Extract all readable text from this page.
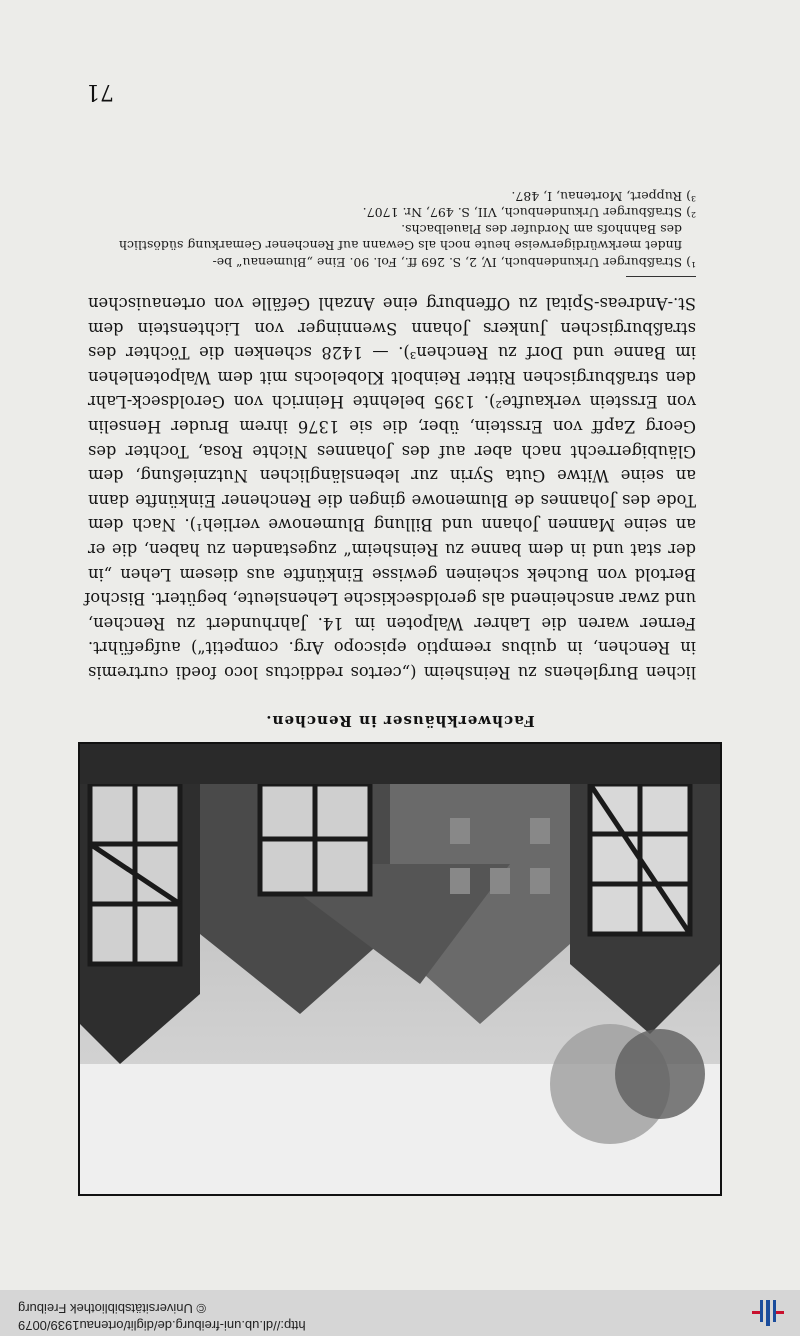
http://dl.ub.uni-freiburg.de/diglit/ortenau1939/0079
© Universitätsbibliothek Freiburg
71
Fachwerkhäuser in Renchen.
lichen Burglehens zu Reinsheim („certos reddictus loco foedi curtremis
in Renchen, in quibus reemptio episcopo Arg. competit“) aufgeführt.
Ferner waren die Lahrer Walpoten im 14. Jahrhundert zu Renchen,
und zwar anscheinend als geroldseckische Lehensleute, begütert. Bischof
Bertold von Buchek scheinen gewisse Einkünfte aus diesem Lehen „in
der stat und in dem banne zu Reinsheim“ zugestanden zu haben, die er
an seine Mannen Johann und Billung Blumenowe verlieh¹). Nach dem
Tode des Johannes de Blumenowe gingen die Renchener Einkünfte dann
an seine Witwe Guta Syrin zur lebenslänglichen Nutznießung, dem
Gläubigerrecht nach aber auf des Johannes Nichte Rosa, Tochter des
Georg Zapff von Ersstein, über, die sie 1376 ihrem Bruder Henselin
von Ersstein verkaufte²). 1395 belehnte Heinrich von Geroldseck-Lahr
den straßburgischen Ritter Reinbolt Klobelochs mit dem Walpotenlehen
im Banne und Dorf zu Renchen³). — 1428 schenken die Töchter des
straßburgischen Junkers Johann Swenninger von Lichtenstein dem
St.-Andreas-Spital zu Offenburg eine Anzahl Gefälle von ortenauischen
¹) Straßburger Urkundenbuch, IV, 2, S. 269 ff., Fol. 90. Eine „Blumenau“ be-
findet merkwürdigerweise heute noch als Gewann auf Renchener Gemarkung südöstlich
des Bahnhofs am Nordufer des Plauelbachs.
²) Straßburger Urkundenbuch, VII, S. 497, Nr. 1707.
³) Ruppert, Mortenau, I, 487.
